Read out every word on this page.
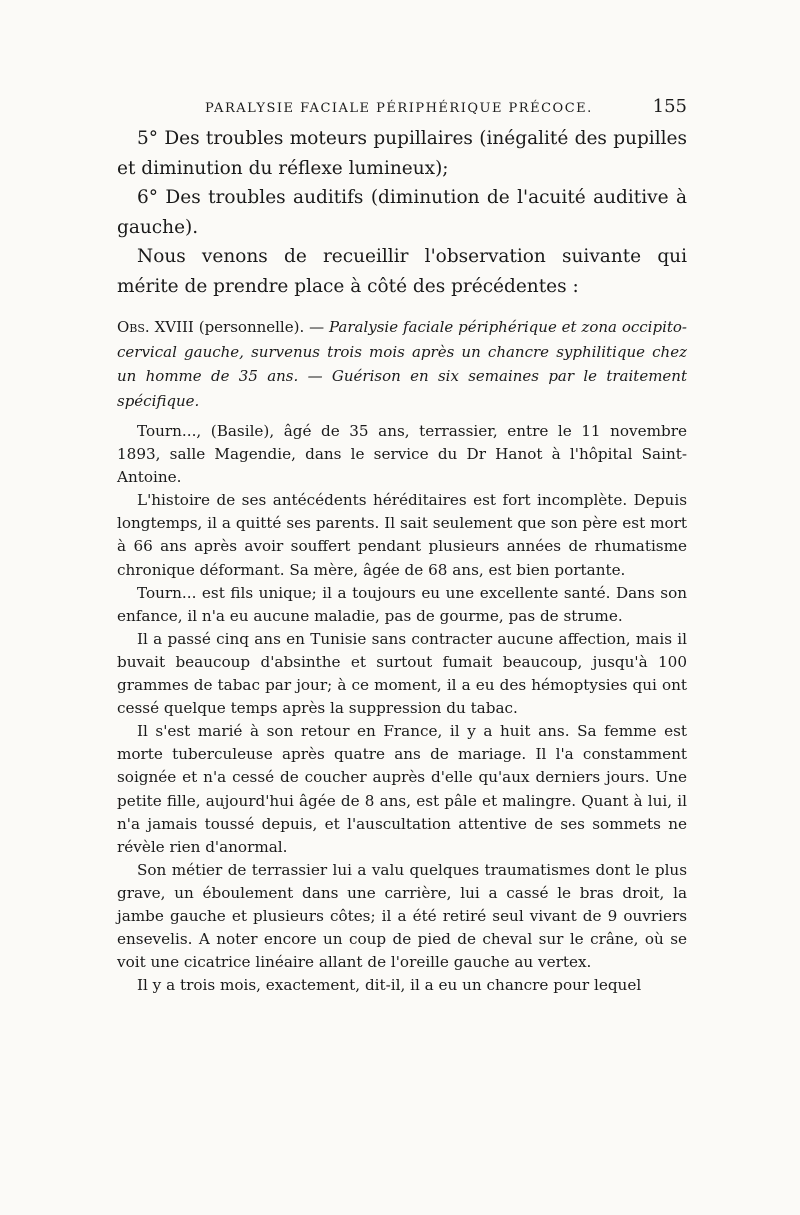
PARALYSIE FACIALE PÉRIPHÉRIQUE PRÉCOCE.	155

5° Des troubles moteurs pupillaires (inégalité des pupilles et diminution du réflexe lumineux);

6° Des troubles auditifs (diminution de l'acuité auditive à gauche).

Nous venons de recueillir l'observation suivante qui mérite de prendre place à côté des précédentes :

Obs. XVIII (personnelle). — Paralysie faciale périphérique et zona occipito-cervical gauche, survenus trois mois après un chancre syphilitique chez un homme de 35 ans. — Guérison en six semaines par le traitement spécifique.

Tourn..., (Basile), âgé de 35 ans, terrassier, entre le 11 novembre 1893, salle Magendie, dans le service du Dr Hanot à l'hôpital Saint-Antoine.

L'histoire de ses antécédents héréditaires est fort incomplète. Depuis longtemps, il a quitté ses parents. Il sait seulement que son père est mort à 66 ans après avoir souffert pendant plusieurs années de rhumatisme chronique déformant. Sa mère, âgée de 68 ans, est bien portante.

Tourn... est fils unique; il a toujours eu une excellente santé. Dans son enfance, il n'a eu aucune maladie, pas de gourme, pas de strume.

Il a passé cinq ans en Tunisie sans contracter aucune affection, mais il buvait beaucoup d'absinthe et surtout fumait beaucoup, jusqu'à 100 grammes de tabac par jour; à ce moment, il a eu des hémoptysies qui ont cessé quelque temps après la suppression du tabac.

Il s'est marié à son retour en France, il y a huit ans. Sa femme est morte tuberculeuse après quatre ans de mariage. Il l'a constamment soignée et n'a cessé de coucher auprès d'elle qu'aux derniers jours. Une petite fille, aujourd'hui âgée de 8 ans, est pâle et malingre. Quant à lui, il n'a jamais toussé depuis, et l'auscultation attentive de ses sommets ne révèle rien d'anormal.

Son métier de terrassier lui a valu quelques traumatismes dont le plus grave, un éboulement dans une carrière, lui a cassé le bras droit, la jambe gauche et plusieurs côtes; il a été retiré seul vivant de 9 ouvriers ensevelis. A noter encore un coup de pied de cheval sur le crâne, où se voit une cicatrice linéaire allant de l'oreille gauche au vertex.

Il y a trois mois, exactement, dit-il, il a eu un chancre pour lequel
